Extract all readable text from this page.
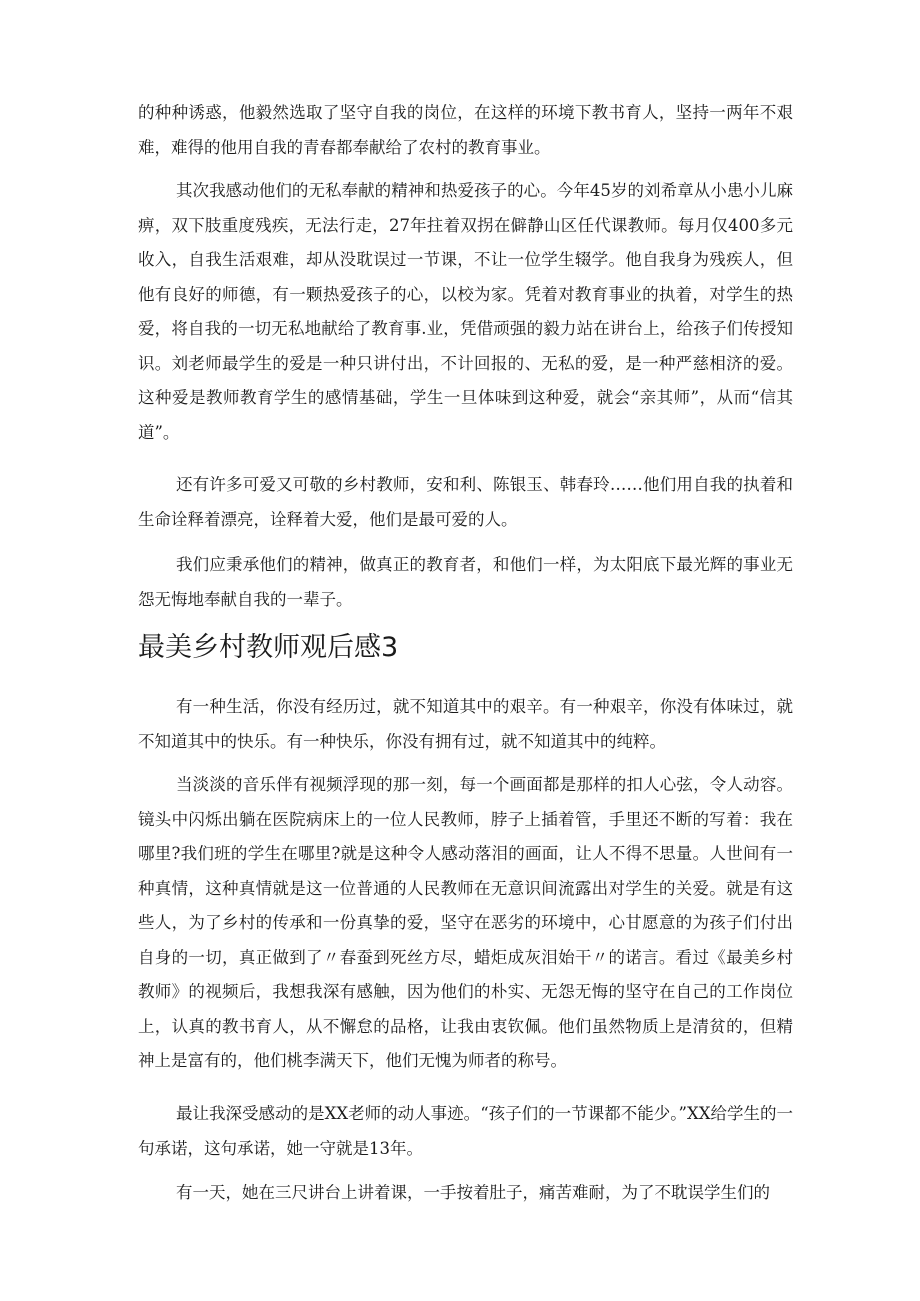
的种种诱惑，他毅然选取了坚守自我的岗位，在这样的环境下教书育人，坚持一两年不艰难，难得的他用自我的青春都奉献给了农村的教育事业。

其次我感动他们的无私奉献的精神和热爱孩子的心。今年45岁的刘希章从小患小儿麻痹，双下肢重度残疾，无法行走，27年拄着双拐在僻静山区任代课教师。每月仅400多元收入，自我生活艰难，却从没耽误过一节课，不让一位学生辍学。他自我身为残疾人，但他有良好的师德，有一颗热爱孩子的心，以校为家。凭着对教育事业的执着，对学生的热爱，将自我的一切无私地献给了教育事.业，凭借顽强的毅力站在讲台上，给孩子们传授知识。刘老师最学生的爱是一种只讲付出，不计回报的、无私的爱，是一种严慈相济的爱。这种爱是教师教育学生的感情基础，学生一旦体味到这种爱，就会“亲其师”，从而“信其道”。

还有许多可爱又可敬的乡村教师，安和利、陈银玉、韩春玲……他们用自我的执着和生命诠释着漂亮，诠释着大爱，他们是最可爱的人。

我们应秉承他们的精神，做真正的教育者，和他们一样，为太阳底下最光辉的事业无怨无悔地奉献自我的一辈子。

最美乡村教师观后感3

有一种生活，你没有经历过，就不知道其中的艰辛。有一种艰辛，你没有体味过，就不知道其中的快乐。有一种快乐，你没有拥有过，就不知道其中的纯粹。

当淡淡的音乐伴有视频浮现的那一刻，每一个画面都是那样的扣人心弦，令人动容。镜头中闪烁出躺在医院病床上的一位人民教师，脖子上插着管，手里还不断的写着：我在哪里?我们班的学生在哪里?就是这种令人感动落泪的画面，让人不得不思量。人世间有一种真情，这种真情就是这一位普通的人民教师在无意识间流露出对学生的关爱。就是有这些人，为了乡村的传承和一份真挚的爱，坚守在恶劣的环境中，心甘愿意的为孩子们付出自身的一切，真正做到了〃春蚕到死丝方尽，蜡炬成灰泪始干〃的诺言。看过《最美乡村教师》的视频后，我想我深有感触，因为他们的朴实、无怨无悔的坚守在自己的工作岗位上，认真的教书育人，从不懈怠的品格，让我由衷钦佩。他们虽然物质上是清贫的，但精神上是富有的，他们桃李满天下，他们无愧为师者的称号。

最让我深受感动的是XX老师的动人事迹。“孩子们的一节课都不能少。”XX给学生的一句承诺，这句承诺，她一守就是13年。

有一天，她在三尺讲台上讲着课，一手按着肚子，痛苦难耐，为了不耽误学生们的
